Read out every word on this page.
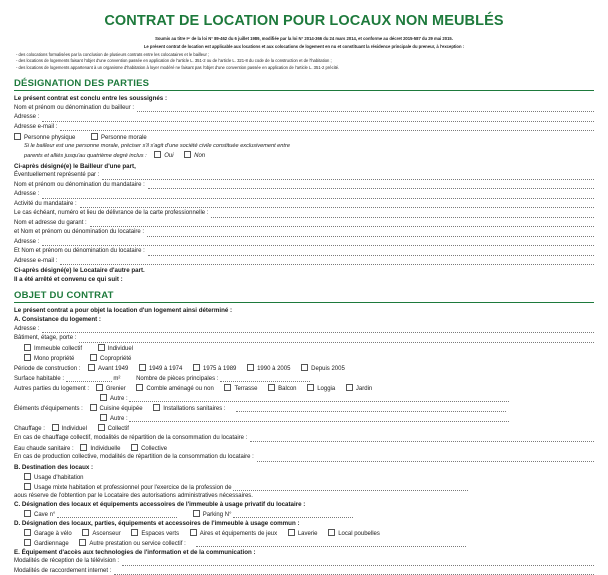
CONTRAT DE LOCATION POUR LOCAUX NON MEUBLÉS
Soumis au titre Iᵉʳ de la loi N° 89-462 du 6 juillet 1989, modifiée par la loi N° 2014-366 du 24 mars 2014, et conforme au décret 2015-587 du 29 mai 2015.
Le présent contrat de location est applicable aux locations et aux colocations de logement en nu et constituant la résidence principale du preneur, à l'exception :
- des colocations formalisées par la conclusion de plusieurs contrats entre les colocataires et le bailleur ;
- des locations de logements faisant l'objet d'une convention passée en application de l'article L. 351-2 ou de l'article L. 321-8 du code de la construction et de l'habitation ;
- des locations de logements appartenant à un organisme d'habitation à loyer modéré ne faisant pas l'objet d'une convention passée en application de l'article L. 351-2 précité.
DÉSIGNATION DES PARTIES
Le présent contrat est conclu entre les soussignés :
Nom et prénom ou dénomination du bailleur :
Adresse :
Adresse e-mail :
Personne physique	Personne morale
Si le bailleur est une personne morale, préciser s'il s'agit d'une société civile constituée exclusivement entre
parents et alliés jusqu'au quatrième degré inclus :	Oui	Non
Ci-après désigné(e) le Bailleur d'une part,
Éventuellement représenté par :
Nom et prénom ou dénomination du mandataire :
Adresse :
Activité du mandataire :
Le cas échéant, numéro et lieu de délivrance de la carte professionnelle :
Nom et adresse du garant :
et Nom et prénom ou dénomination du locataire :
Adresse :
Et Nom et prénom ou dénomination du locataire :
Adresse e-mail :
Ci-après désigné(e) le Locataire d'autre part.
Il a été arrêté et convenu ce qui suit :
OBJET DU CONTRAT
Le présent contrat a pour objet la location d'un logement ainsi déterminé :
A. Consistance du logement :
Adresse :
Bâtiment, étage, porte :
Immeuble collectif	Individuel
Mono propriété	Copropriété
Période de construction :	Avant 1949	1949 à 1974	1975 à 1989	1990 à 2005	Depuis 2005
Surface habitable :	m²	Nombre de pièces principales :
Autres parties du logement :	Grenier	Comble aménagé ou non	Terrasse	Balcon	Loggia	Jardin
Autre :
Éléments d'équipements :	Cuisine équipée	Installations sanitaires :
Autre :
Chauffage :	Individuel	Collectif
En cas de chauffage collectif, modalités de répartition de la consommation du locataire :
Eau chaude sanitaire :	Individuelle	Collective
En cas de production collective, modalités de répartition de la consommation du locataire :
B. Destination des locaux :
Usage d'habitation
Usage mixte habitation et professionnel pour l'exercice de la profession de
aous réserve de l'obtention par le Locataire des autorisations administratives nécessaires.
C. Désignation des locaux et équipements accessoires de l'immeuble à usage privatif du locataire :
Cave n°	Parking N°
D. Désignation des locaux, parties, équipements et accessoires de l'immeuble à usage commun :
Garage à vélo	Ascenseur	Espaces verts	Aires et équipements de jeux	Laverie	Local poubelles
Gardiennage	Autre prestation ou service collectif :
E. Équipement d'accès aux technologies de l'information et de la communication :
Modalités de réception de la télévision :
Modalités de raccordement internet :
